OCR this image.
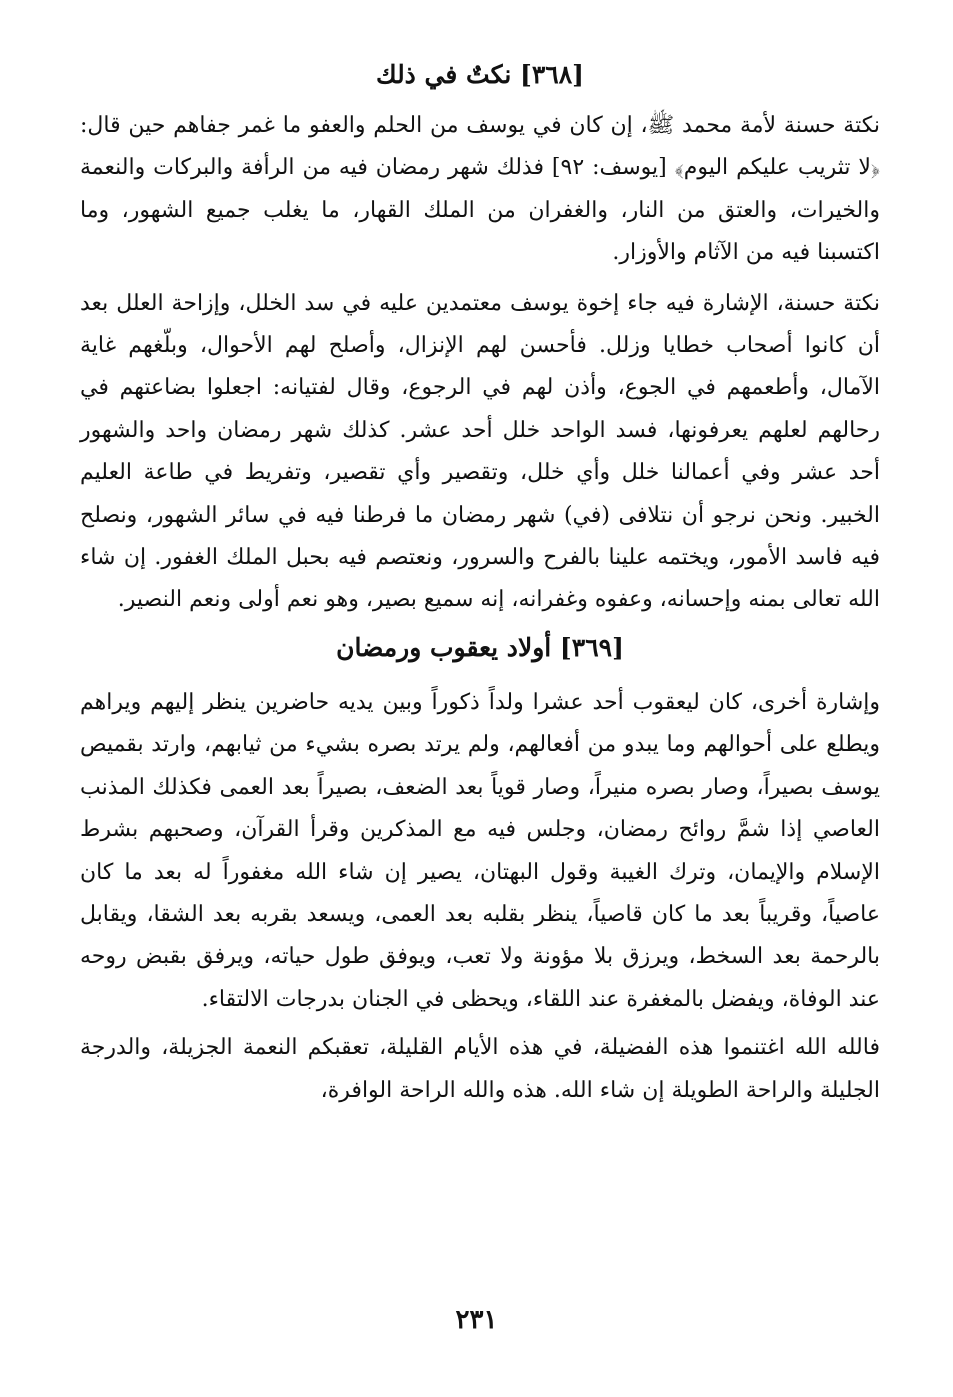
[٣٦٨] نكتٌ في ذلك

نكتة حسنة لأمة محمد ﷺ، إن كان في يوسف من الحلم والعفو ما غمر جفاهم حين قال: ﴿لا تثريب عليكم اليوم﴾ [يوسف: ٩٢] فذلك شهر رمضان فيه من الرأفة والبركات والنعمة والخيرات، والعتق من النار، والغفران من الملك القهار، ما يغلب جميع الشهور، وما اكتسبنا فيه من الآثام والأوزار.

نكتة حسنة، الإشارة فيه جاء إخوة يوسف معتمدين عليه في سد الخلل، وإزاحة العلل بعد أن كانوا أصحاب خطايا وزلل. فأحسن لهم الإنزال، وأصلح لهم الأحوال، وبلّغهم غاية الآمال، وأطعمهم في الجوع، وأذن لهم في الرجوع، وقال لفتيانه: اجعلوا بضاعتهم في رحالهم لعلهم يعرفونها، فسد الواحد خلل أحد عشر. كذلك شهر رمضان واحد والشهور أحد عشر وفي أعمالنا خلل وأي خلل، وتقصير وأي تقصير، وتفريط في طاعة العليم الخبير. ونحن نرجو أن نتلافى (في) شهر رمضان ما فرطنا فيه في سائر الشهور، ونصلح فيه فاسد الأمور، ويختمه علينا بالفرح والسرور، ونعتصم فيه بحبل الملك الغفور. إن شاء الله تعالى بمنه وإحسانه، وعفوه وغفرانه، إنه سميع بصير، وهو نعم أولى ونعم النصير.

[٣٦٩] أولاد يعقوب ورمضان

وإشارة أخرى، كان ليعقوب أحد عشرا ولداً ذكوراً وبين يديه حاضرين ينظر إليهم ويراهم ويطلع على أحوالهم وما يبدو من أفعالهم، ولم يرتد بصره بشيء من ثيابهم، وارتد بقميص يوسف بصيراً، وصار بصره منيراً، وصار قوياً بعد الضعف، بصيراً بعد العمى فكذلك المذنب العاصي إذا شمَّ روائح رمضان، وجلس فيه مع المذكرين وقرأ القرآن، وصحبهم بشرط الإسلام والإيمان، وترك الغيبة وقول البهتان، يصير إن شاء الله مغفوراً له بعد ما كان عاصياً، وقريباً بعد ما كان قاصياً، ينظر بقلبه بعد العمى، ويسعد بقربه بعد الشقا، ويقابل بالرحمة بعد السخط، ويرزق بلا مؤونة ولا تعب، ويوفق طول حياته، ويرفق بقبض روحه عند الوفاة، ويفضل بالمغفرة عند اللقاء، ويحظى في الجنان بدرجات الالتقاء.

فالله الله اغتنموا هذه الفضيلة، في هذه الأيام القليلة، تعقبكم النعمة الجزيلة، والدرجة الجليلة والراحة الطويلة إن شاء الله. هذه والله الراحة الوافرة،

٢٣١
